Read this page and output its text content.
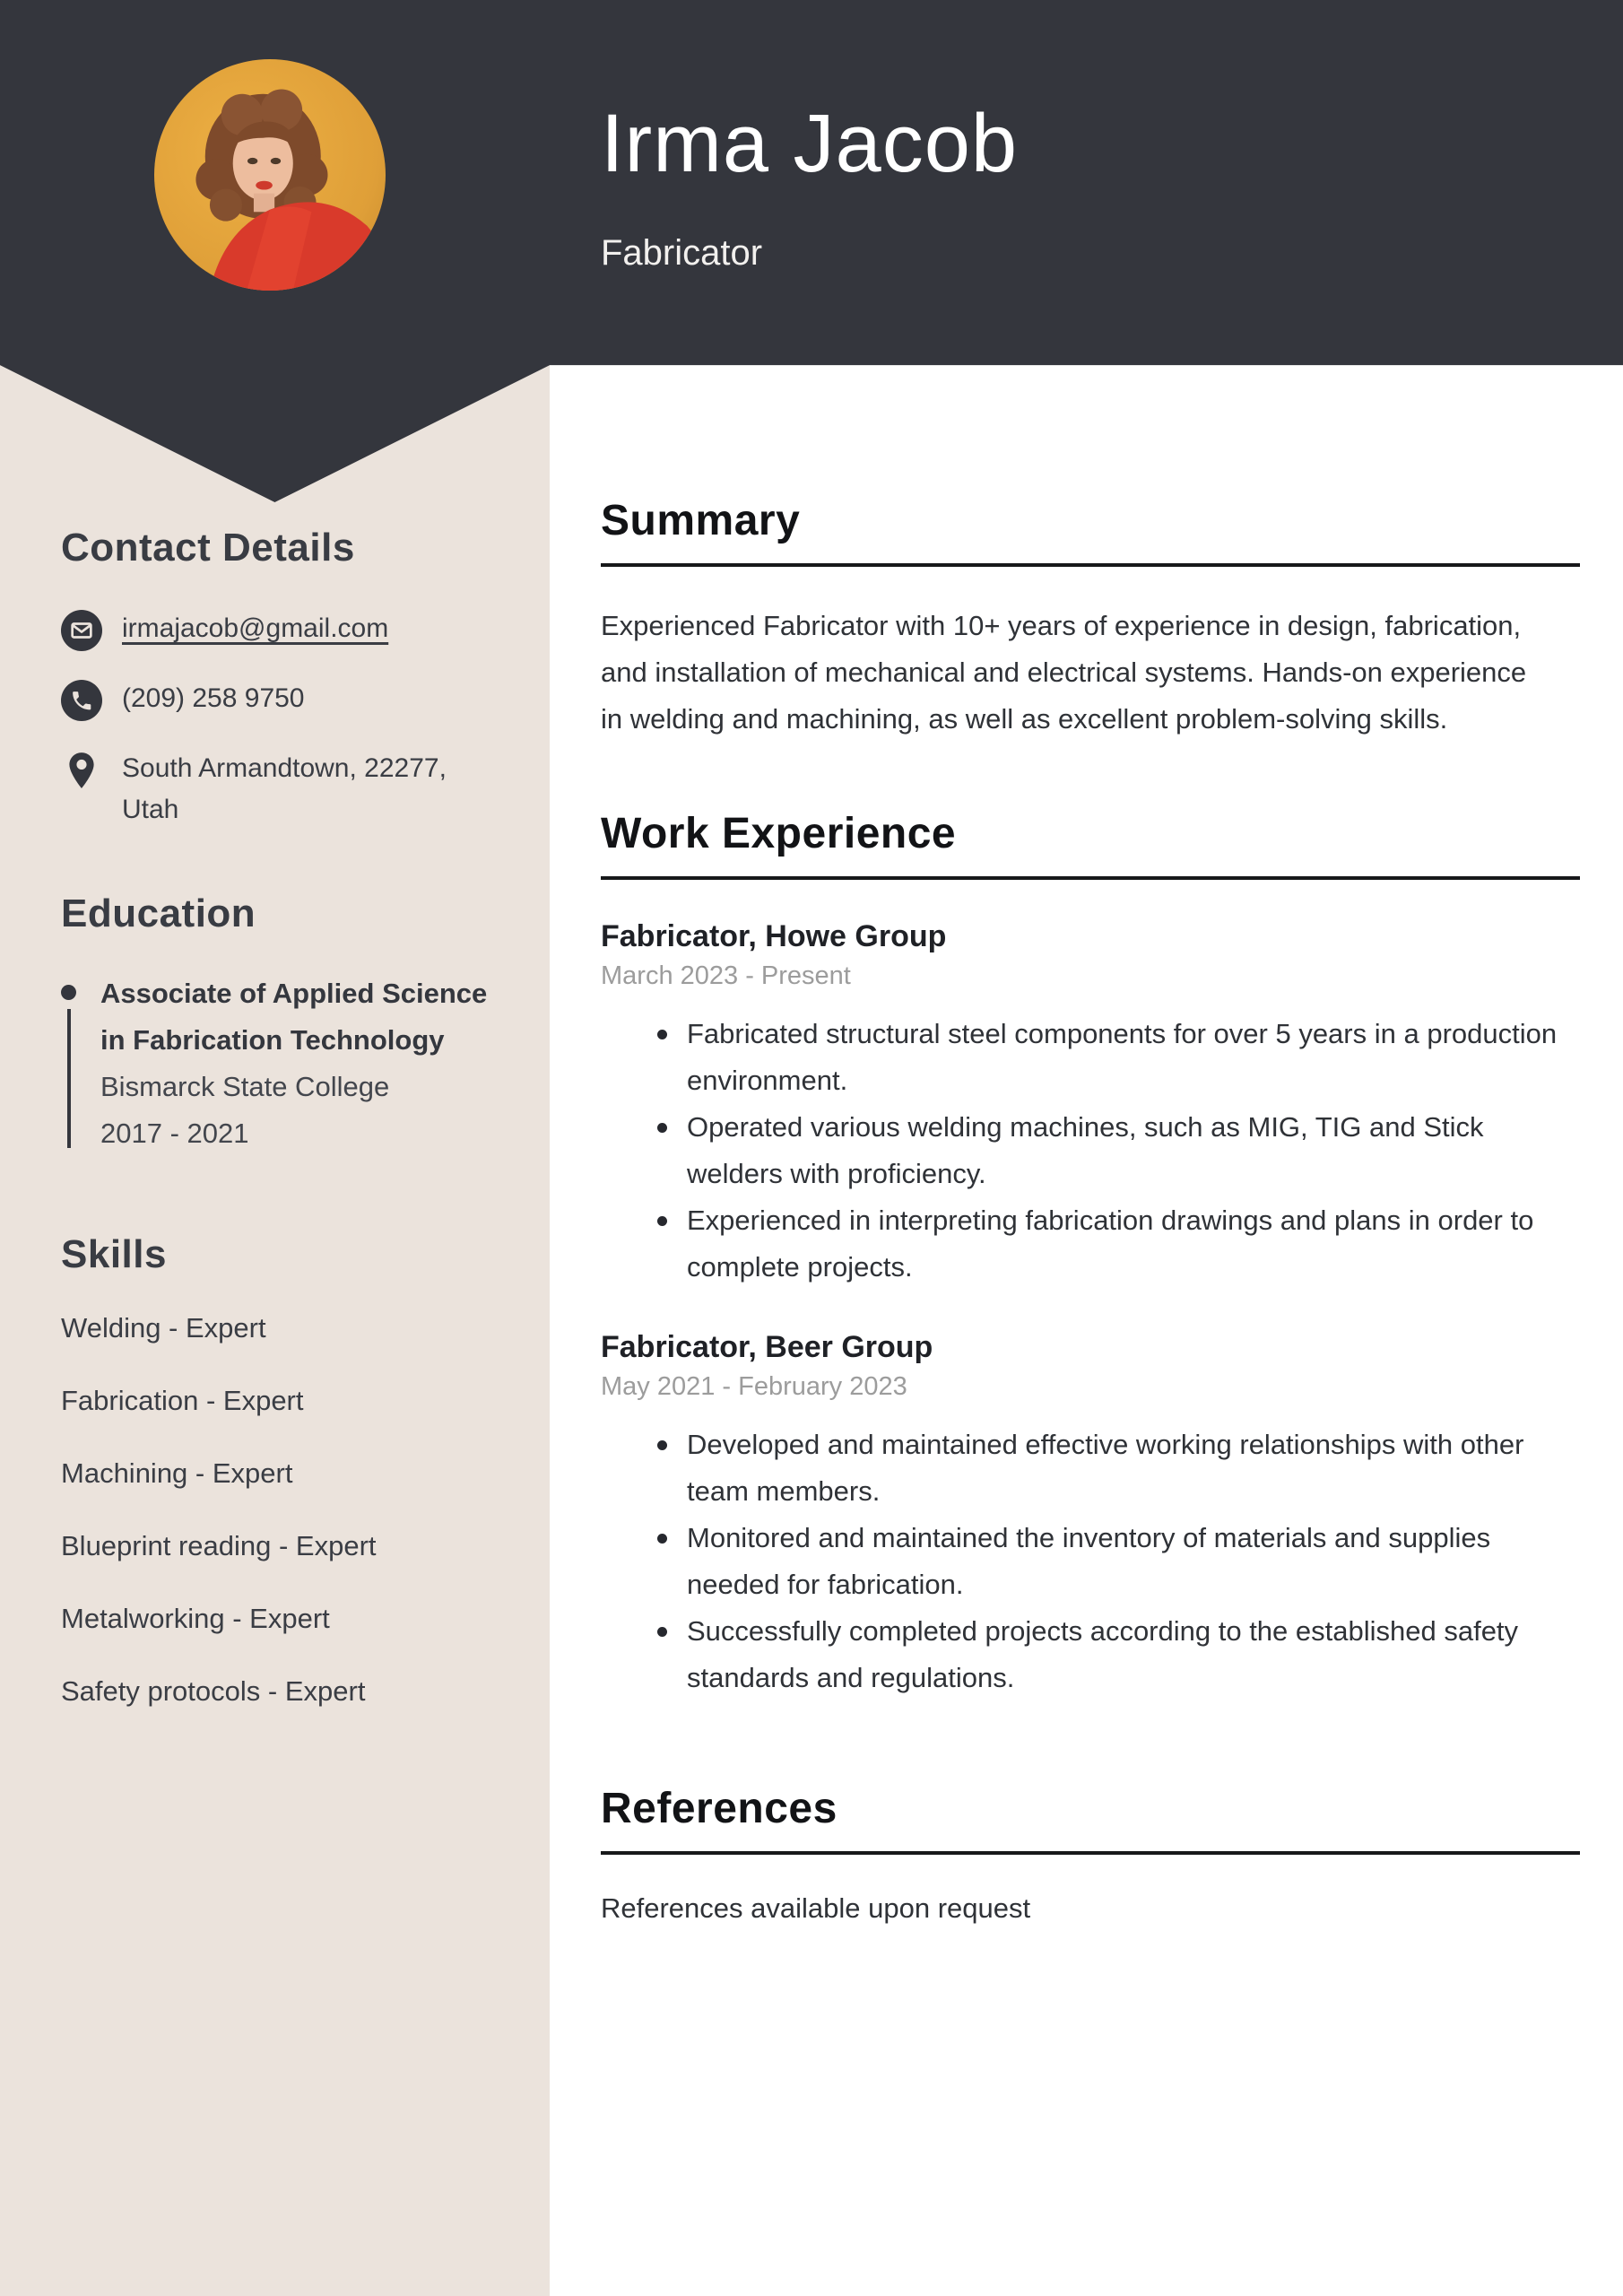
Irma Jacob
Fabricator
Contact Details
irmajacob@gmail.com
(209) 258 9750
South Armandtown, 22277, Utah
Education
Associate of Applied Science in Fabrication Technology
Bismarck State College
2017 - 2021
Skills
Welding - Expert
Fabrication - Expert
Machining - Expert
Blueprint reading - Expert
Metalworking - Expert
Safety protocols - Expert
Summary

Experienced Fabricator with 10+ years of experience in design, fabrication, and installation of mechanical and electrical systems. Hands-on experience in welding and machining, as well as excellent problem-solving skills.

Work Experience
Fabricator, Howe Group
March 2023 - Present
Fabricated structural steel components for over 5 years in a production environment.
Operated various welding machines, such as MIG, TIG and Stick welders with proficiency.
Experienced in interpreting fabrication drawings and plans in order to complete projects.
Fabricator, Beer Group
May 2021 - February 2023
Developed and maintained effective working relationships with other team members.
Monitored and maintained the inventory of materials and supplies needed for fabrication.
Successfully completed projects according to the established safety standards and regulations.
References

References available upon request
